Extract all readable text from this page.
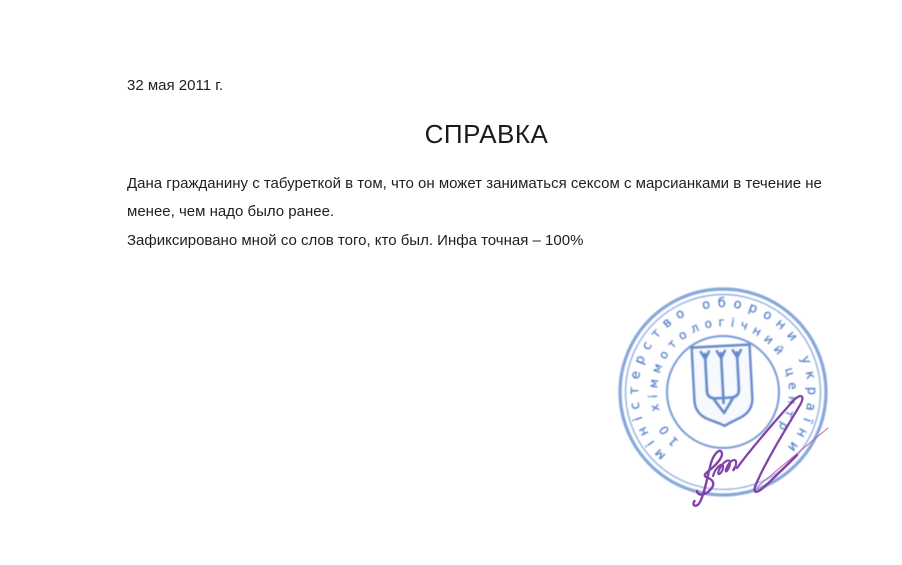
32 мая 2011 г.
СПРАВКА
Дана гражданину с табуреткой в том, что он может заниматься сексом с марсианками в течение не
менее, чем надо было ранее.
Зафиксировано мной со слов того, кто был. Инфа точная – 100%
міністерство оборони україни
10 хіммотологічний центр
